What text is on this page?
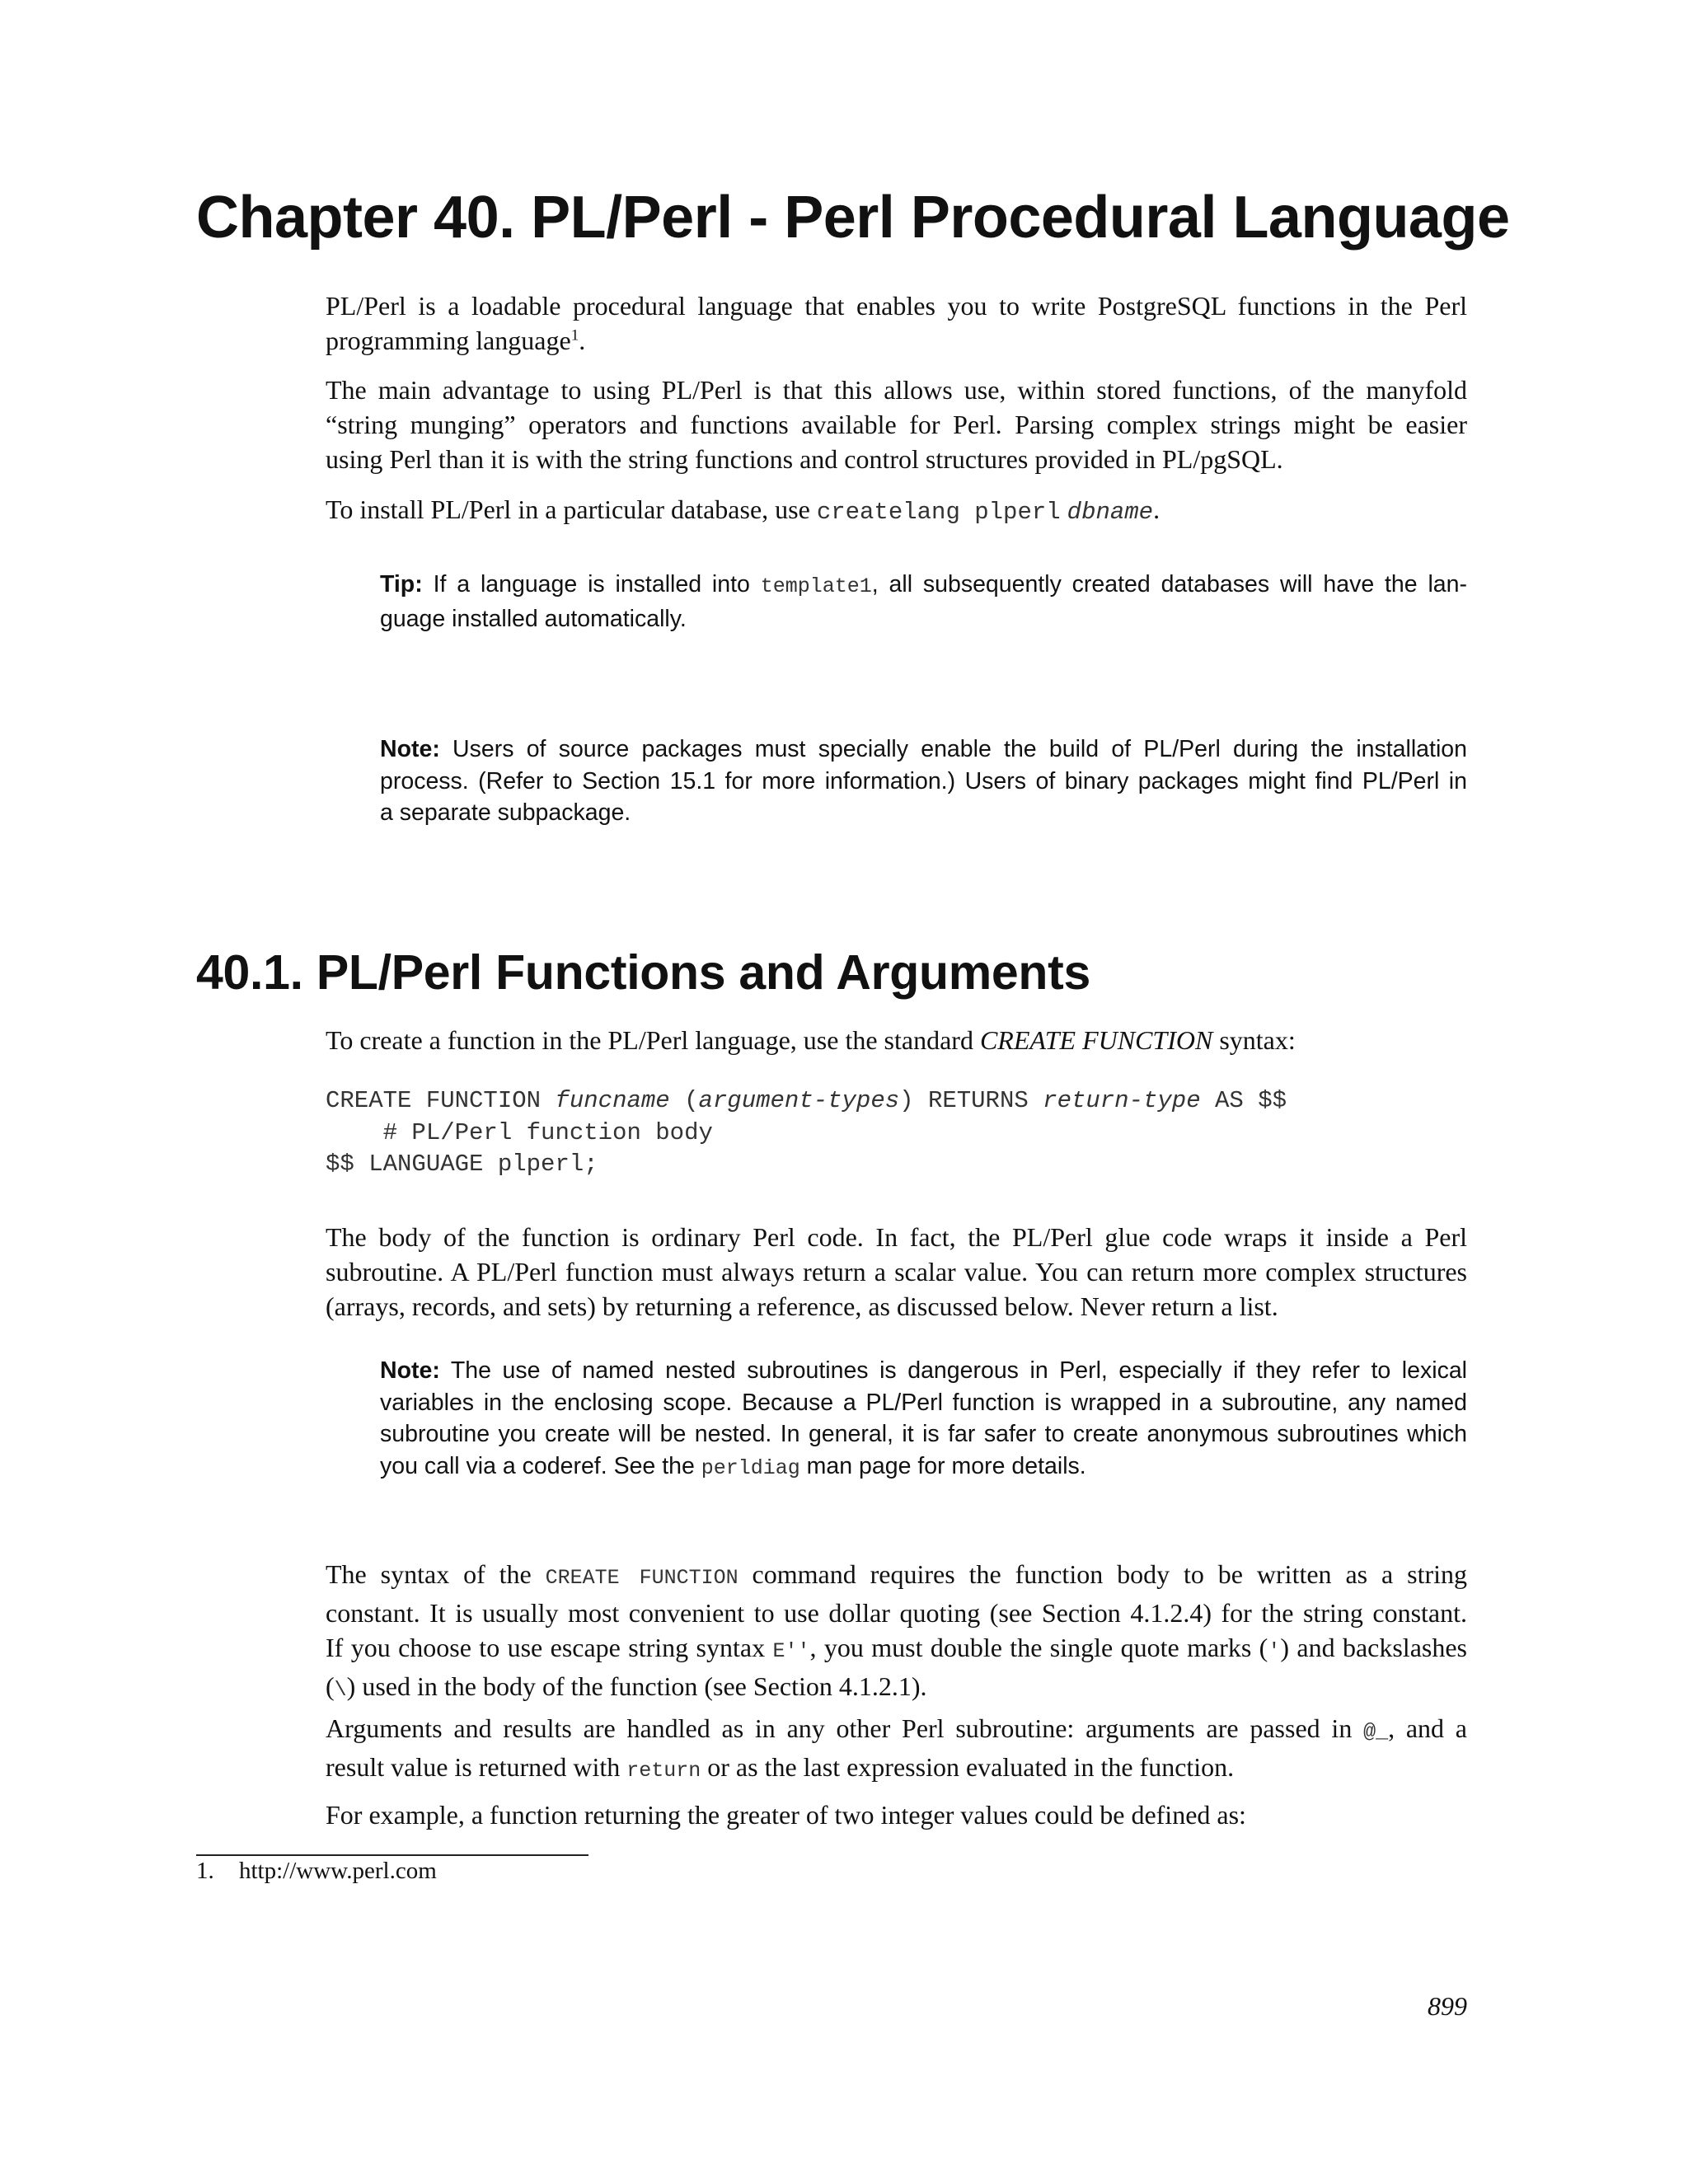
Chapter 40. PL/Perl - Perl Procedural Language

PL/Perl is a loadable procedural language that enables you to write PostgreSQL functions in the Perl
programming language$^1$.

The main advantage to using PL/Perl is that this allows use, within stored functions, of the manyfold
“string munging” operators and functions available for Perl. Parsing complex strings might be easier
using Perl than it is with the string functions and control structures provided in PL/pgSQL.

To install PL/Perl in a particular database, use createlang plperl dbname.

Tip: If a language is installed into template1, all subsequently created databases will have the lan-
guage installed automatically.
Note: Users of source packages must specially enable the build of PL/Perl during the installation
process. (Refer to Section 15.1 for more information.) Users of binary packages might find PL/Perl in
a separate subpackage.
40.1. PL/Perl Functions and Arguments

To create a function in the PL/Perl language, use the standard CREATE FUNCTION syntax:

CREATE FUNCTION funcname (argument-types) RETURNS return-type AS $$
# PL/Perl function body
$$ LANGUAGE plperl;

The body of the function is ordinary Perl code. In fact, the PL/Perl glue code wraps it inside a Perl
subroutine. A PL/Perl function must always return a scalar value. You can return more complex structures
(arrays, records, and sets) by returning a reference, as discussed below. Never return a list.

Note: The use of named nested subroutines is dangerous in Perl, especially if they refer to lexical
variables in the enclosing scope. Because a PL/Perl function is wrapped in a subroutine, any named
subroutine you create will be nested. In general, it is far safer to create anonymous subroutines which
you call via a coderef. See the perldiag man page for more details.

The syntax of the CREATE FUNCTION command requires the function body to be written as a string
constant. It is usually most convenient to use dollar quoting (see Section 4.1.2.4) for the string constant.
If you choose to use escape string syntax E'', you must double the single quote marks (') and backslashes
(\) used in the body of the function (see Section 4.1.2.1).

Arguments and results are handled as in any other Perl subroutine: arguments are passed in @_, and a
result value is returned with return or as the last expression evaluated in the function.

For example, a function returning the greater of two integer values could be defined as:

1. http://www.perl.com

899
